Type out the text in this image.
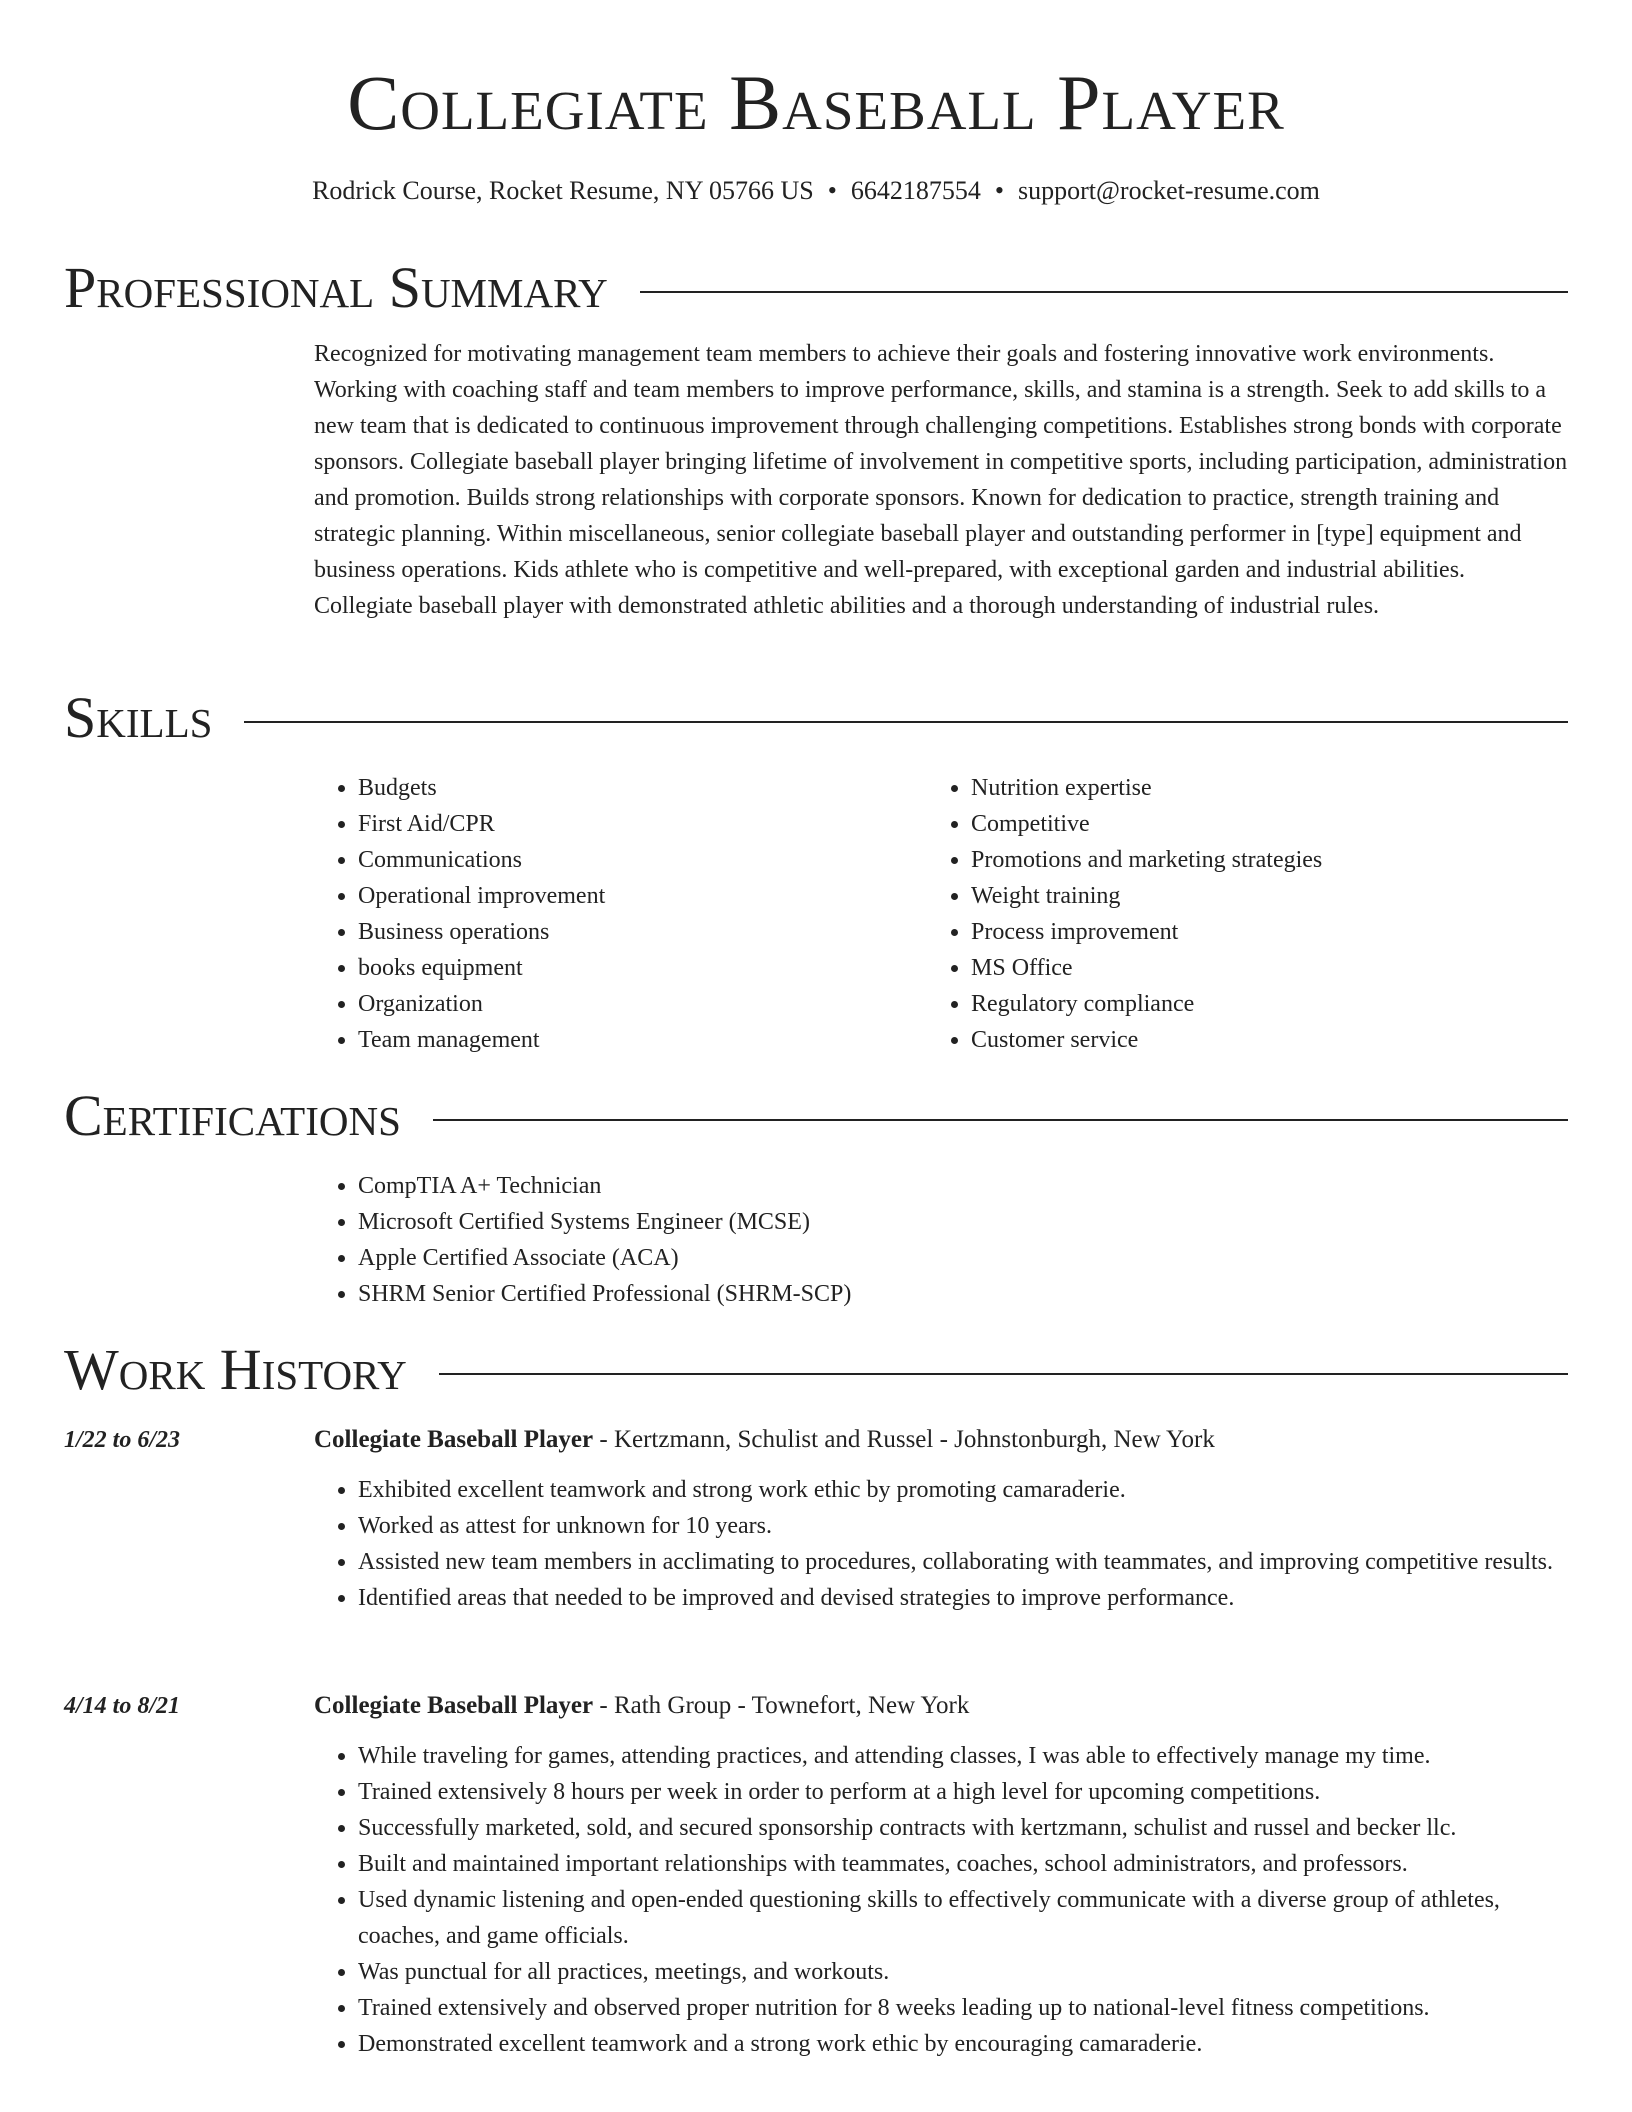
Collegiate Baseball Player
Rodrick Course, Rocket Resume, NY 05766 US • 6642187554 • support@rocket-resume.com
Professional Summary

Recognized for motivating management team members to achieve their goals and fostering innovative work environments. Working with coaching staff and team members to improve performance, skills, and stamina is a strength. Seek to add skills to a new team that is dedicated to continuous improvement through challenging competitions. Establishes strong bonds with corporate sponsors. Collegiate baseball player bringing lifetime of involvement in competitive sports, including participation, administration and promotion. Builds strong relationships with corporate sponsors. Known for dedication to practice, strength training and strategic planning. Within miscellaneous, senior collegiate baseball player and outstanding performer in [type] equipment and business operations. Kids athlete who is competitive and well-prepared, with exceptional garden and industrial abilities. Collegiate baseball player with demonstrated athletic abilities and a thorough understanding of industrial rules.

Skills
• Budgets
• First Aid/CPR
• Communications
• Operational improvement
• Business operations
• books equipment
• Organization
• Team management
• Nutrition expertise
• Competitive
• Promotions and marketing strategies
• Weight training
• Process improvement
• MS Office
• Regulatory compliance
• Customer service
Certifications
• CompTIA A+ Technician
• Microsoft Certified Systems Engineer (MCSE)
• Apple Certified Associate (ACA)
• SHRM Senior Certified Professional (SHRM-SCP)
Work History
1/22 to 6/23	Collegiate Baseball Player - Kertzmann, Schulist and Russel - Johnstonburgh, New York
• Exhibited excellent teamwork and strong work ethic by promoting camaraderie.
• Worked as attest for unknown for 10 years.
• Assisted new team members in acclimating to procedures, collaborating with teammates, and improving competitive results.
• Identified areas that needed to be improved and devised strategies to improve performance.
4/14 to 8/21	Collegiate Baseball Player - Rath Group - Townefort, New York
• While traveling for games, attending practices, and attending classes, I was able to effectively manage my time.
• Trained extensively 8 hours per week in order to perform at a high level for upcoming competitions.
• Successfully marketed, sold, and secured sponsorship contracts with kertzmann, schulist and russel and becker llc.
• Built and maintained important relationships with teammates, coaches, school administrators, and professors.
• Used dynamic listening and open-ended questioning skills to effectively communicate with a diverse group of athletes, coaches, and game officials.
• Was punctual for all practices, meetings, and workouts.
• Trained extensively and observed proper nutrition for 8 weeks leading up to national-level fitness competitions.
• Demonstrated excellent teamwork and a strong work ethic by encouraging camaraderie.
